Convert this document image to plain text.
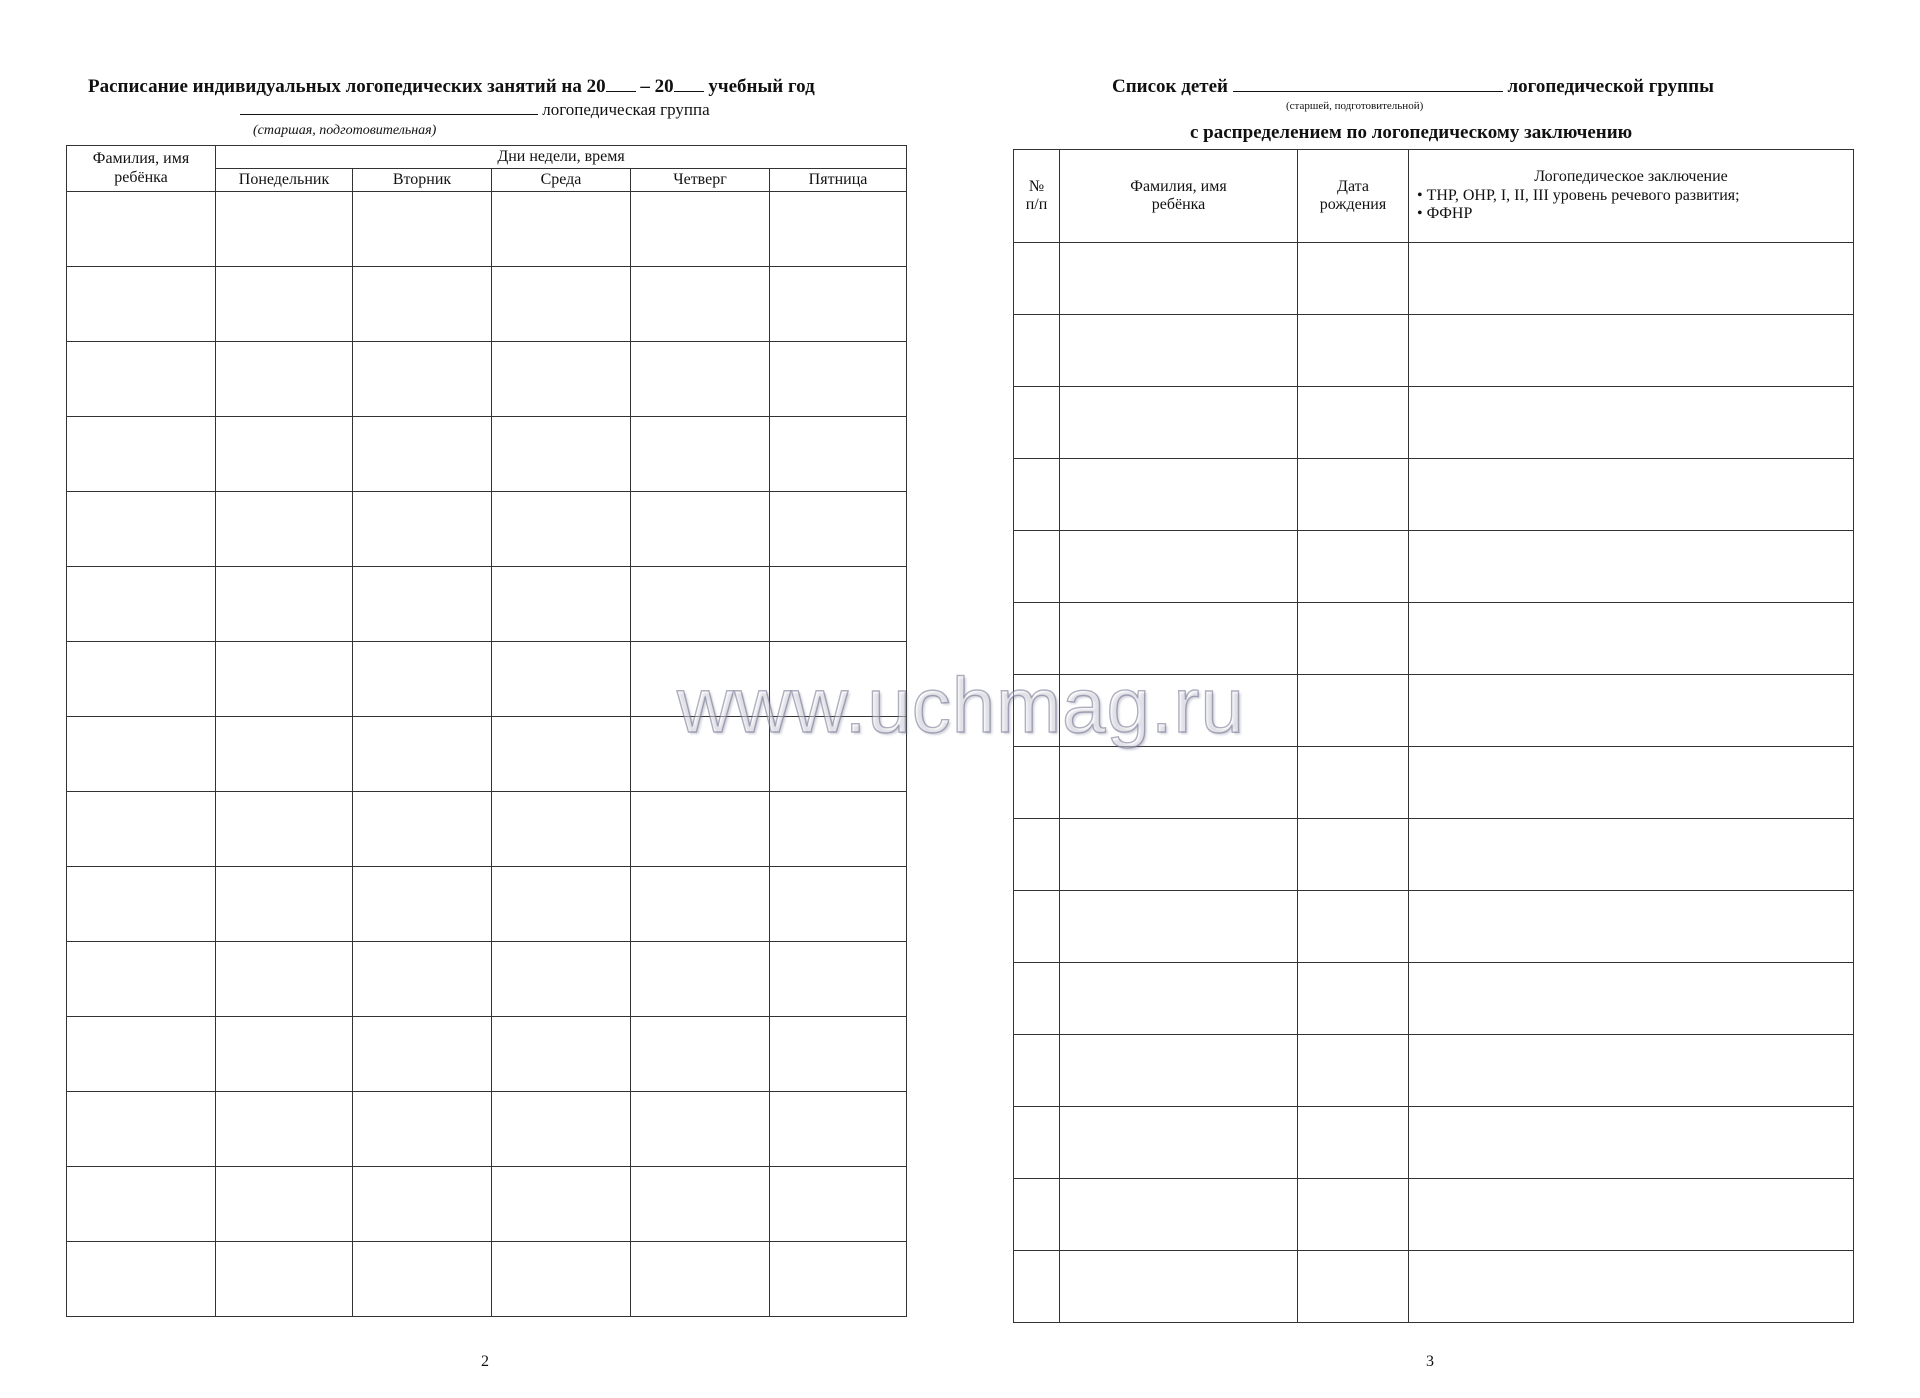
Расписание индивидуальных логопедических занятий на 20 – 20 учебный год
логопедическая группа
(старшая, подготовительная)
Фамилия, имя ребёнка	Дни недели, время				
	Понедельник	Вторник	Среда	Четверг	Пятница

2
Список детей	логопедической группы
(старшей, подготовительной)
с распределением по логопедическому заключению
№ п/п	Фамилия, имя ребёнка	Дата рождения	Логопедическое заключение
• ТНР, ОНР, I, II, III уровень речевого развития;
• ФФНР

3
www.uchmag.ru
